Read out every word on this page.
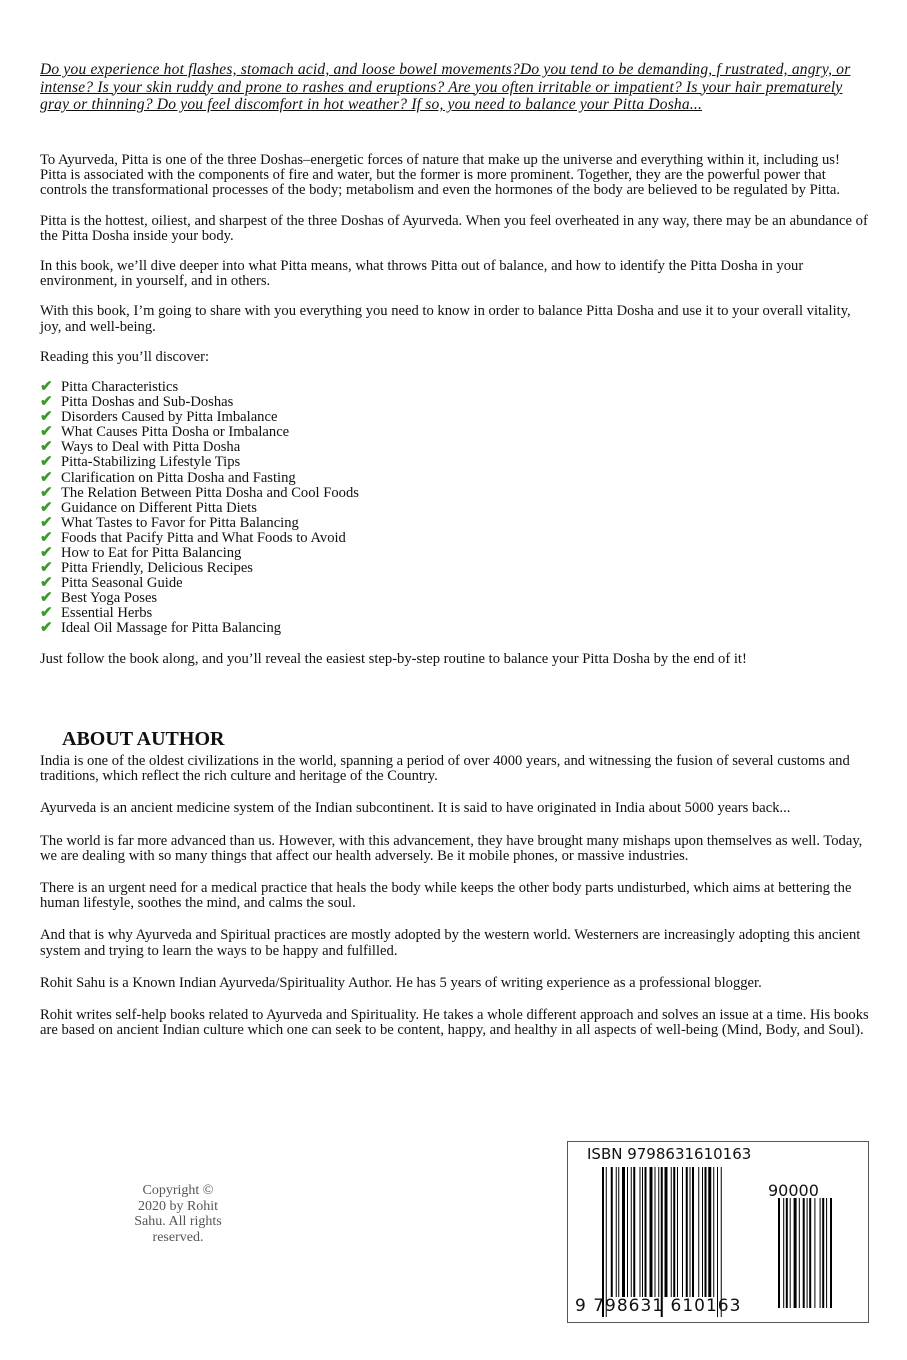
Do you experience hot flashes, stomach acid, and loose bowel movements?Do you tend to be demanding, f rustrated, angry, or intense? Is your skin ruddy and prone to rashes and eruptions? Are you often irritable or impatient? Is your hair prematurely gray or thinning? Do you feel discomfort in hot weather? If so, you need to balance your Pitta Dosha...

To Ayurveda, Pitta is one of the three Doshas–energetic forces of nature that make up the universe and everything within it, including us! Pitta is associated with the components of fire and water, but the former is more prominent. Together, they are the powerful power that controls the transformational processes of the body; metabolism and even the hormones of the body are believed to be regulated by Pitta.

Pitta is the hottest, oiliest, and sharpest of the three Doshas of Ayurveda. When you feel overheated in any way, there may be an abundance of the Pitta Dosha inside your body.

In this book, we’ll dive deeper into what Pitta means, what throws Pitta out of balance, and how to identify the Pitta Dosha in your environment, in yourself, and in others.

With this book, I’m going to share with you everything you need to know in order to balance Pitta Dosha and use it to your overall vitality, joy, and well-being.

Reading this you’ll discover:

✔ Pitta Characteristics
✔ Pitta Doshas and Sub-Doshas
✔ Disorders Caused by Pitta Imbalance
✔ What Causes Pitta Dosha or Imbalance
✔ Ways to Deal with Pitta Dosha
✔ Pitta-Stabilizing Lifestyle Tips
✔ Clarification on Pitta Dosha and Fasting
✔ The Relation Between Pitta Dosha and Cool Foods
✔ Guidance on Different Pitta Diets
✔ What Tastes to Favor for Pitta Balancing
✔ Foods that Pacify Pitta and What Foods to Avoid
✔ How to Eat for Pitta Balancing
✔ Pitta Friendly, Delicious Recipes
✔ Pitta Seasonal Guide
✔ Best Yoga Poses
✔ Essential Herbs
✔ Ideal Oil Massage for Pitta Balancing

Just follow the book along, and you’ll reveal the easiest step-by-step routine to balance your Pitta Dosha by the end of it!

ABOUT AUTHOR

India is one of the oldest civilizations in the world, spanning a period of over 4000 years, and witnessing the fusion of several customs and traditions, which reflect the rich culture and heritage of the Country.

Ayurveda is an ancient medicine system of the Indian subcontinent. It is said to have originated in India about 5000 years back...

The world is far more advanced than us. However, with this advancement, they have brought many mishaps upon themselves as well. Today, we are dealing with so many things that affect our health adversely. Be it mobile phones, or massive industries.

There is an urgent need for a medical practice that heals the body while keeps the other body parts undisturbed, which aims at bettering the human lifestyle, soothes the mind, and calms the soul.

And that is why Ayurveda and Spiritual practices are mostly adopted by the western world. Westerners are increasingly adopting this ancient system and trying to learn the ways to be happy and fulfilled.

Rohit Sahu is a Known Indian Ayurveda/Spirituality Author. He has 5 years of writing experience as a professional blogger.

Rohit writes self-help books related to Ayurveda and Spirituality. He takes a whole different approach and solves an issue at a time. His books are based on ancient Indian culture which one can seek to be content, happy, and healthy in all aspects of well-being (Mind, Body, and Soul).

Copyright © 2020 by Rohit Sahu. All rights reserved.
ISBN 9798631610163
90000
9 798631 610163
